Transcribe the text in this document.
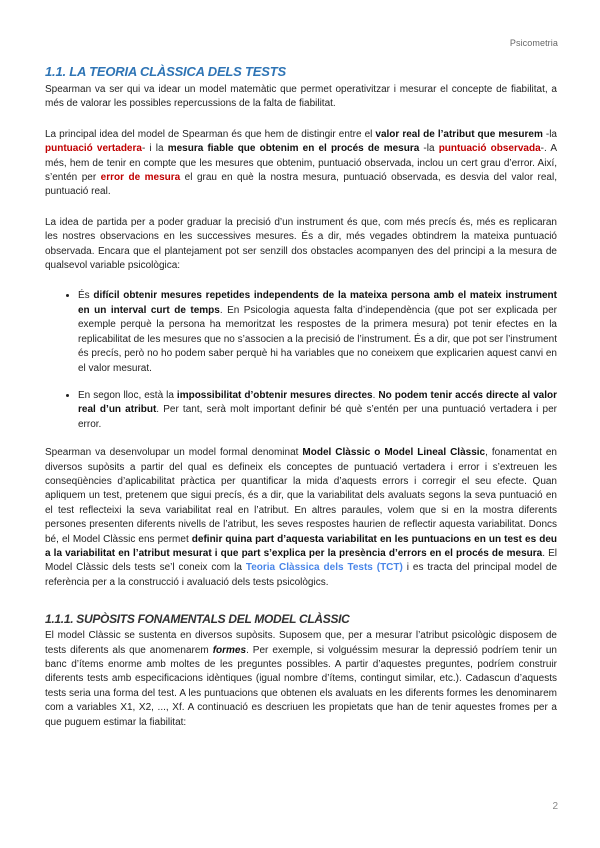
Psicometria
1.1. LA TEORIA CLÀSSICA DELS TESTS

Spearman va ser qui va idear un model matemàtic que permet operativitzar i mesurar el concepte de fiabilitat, a més de valorar les possibles repercussions de la falta de fiabilitat.

La principal idea del model de Spearman és que hem de distingir entre el valor real de l’atribut que mesurem -la puntuació vertadera- i la mesura fiable que obtenim en el procés de mesura -la puntuació observada-. A més, hem de tenir en compte que les mesures que obtenim, puntuació observada, inclou un cert grau d’error. Així, s’entén per error de mesura el grau en què la nostra mesura, puntuació observada, es desvia del valor real, puntuació real.

La idea de partida per a poder graduar la precisió d’un instrument és que, com més precís és, més es replicaran les nostres observacions en les successives mesures. És a dir, més vegades obtindrem la mateixa puntuació observada. Encara que el plantejament pot ser senzill dos obstacles acompanyen des del principi a la mesura de qualsevol variable psicològica:

• És difícil obtenir mesures repetides independents de la mateixa persona amb el mateix instrument en un interval curt de temps. En Psicologia aquesta falta d’independència (que pot ser explicada per exemple perquè la persona ha memoritzat les respostes de la primera mesura) pot tenir efectes en la replicabilitat de les mesures que no s’associen a la precisió de l’instrument. És a dir, que pot ser l’instrument és precís, però no ho podem saber perquè hi ha variables que no coneixem que explicarien aquest canvi en el valor mesurat.
• En segon lloc, està la impossibilitat d’obtenir mesures directes. No podem tenir accés directe al valor real d’un atribut. Per tant, serà molt important definir bé què s’entén per una puntuació vertadera i per error.

Spearman va desenvolupar un model formal denominat Model Clàssic o Model Lineal Clàssic, fonamentat en diversos supòsits a partir del qual es defineix els conceptes de puntuació vertadera i error i s’extreuen les conseqüències d’aplicabilitat pràctica per quantificar la mida d’aquests errors i corregir el seu efecte. Quan apliquem un test, pretenem que sigui precís, és a dir, que la variabilitat dels avaluats segons la seva puntuació en el test reflecteixi la seva variabilitat real en l’atribut. En altres paraules, volem que si en la mostra diferents persones presenten diferents nivells de l’atribut, les seves respostes haurien de reflectir aquesta variabilitat. Doncs bé, el Model Clàssic ens permet definir quina part d’aquesta variabilitat en les puntuacions en un test es deu a la variabilitat en l’atribut mesurat i que part s’explica per la presència d’errors en el procés de mesura. El Model Clàssic dels tests se’l coneix com la Teoria Clàssica dels Tests (TCT) i es tracta del principal model de referència per a la construcció i avaluació dels tests psicològics.

1.1.1. SUPÒSITS FONAMENTALS DEL MODEL CLÀSSIC

El model Clàssic se sustenta en diversos supòsits. Suposem que, per a mesurar l’atribut psicològic disposem de tests diferents als que anomenarem formes. Per exemple, si volguéssim mesurar la depressió podríem tenir un banc d’ítems enorme amb moltes de les preguntes possibles. A partir d’aquestes preguntes, podríem construir diferents tests amb especificacions idèntiques (igual nombre d’ítems, contingut similar, etc.). Cadascun d’aquests tests seria una forma del test. A les puntuacions que obtenen els avaluats en les diferents formes les denominarem com a variables X1, X2, ..., Xf. A continuació es descriuen les propietats que han de tenir aquestes fromes per a que puguem estimar la fiabilitat:

2
